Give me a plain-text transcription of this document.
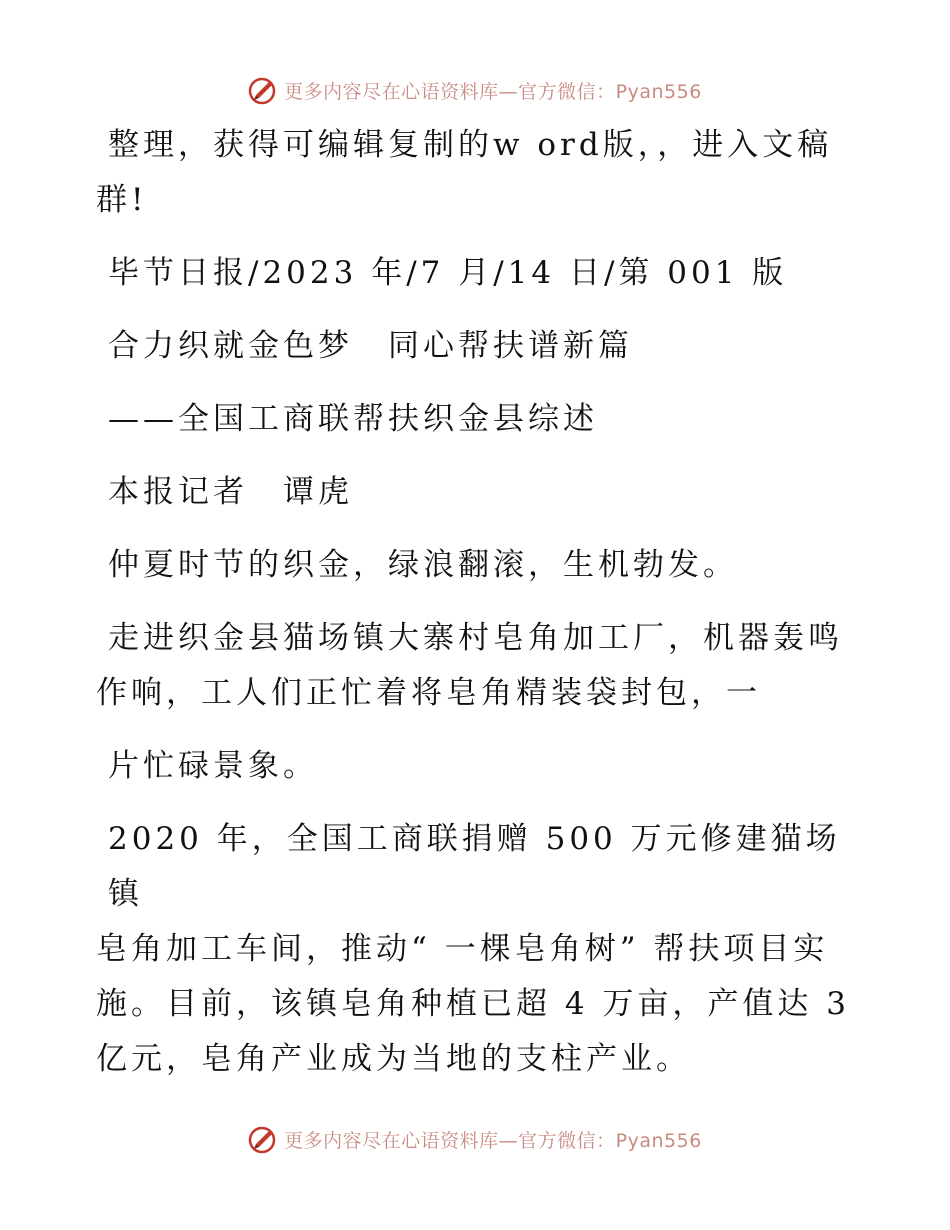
更多内容尽在心语资料库—官方微信：Pyan556

整理，获得可编辑复制的w ord版，，进入文稿

群!

毕节日报/2023 年/7 月/14 日/第 001 版

合力织就金色梦　同心帮扶谱新篇

——全国工商联帮扶织金县综述

本报记者　谭虎

仲夏时节的织金，绿浪翻滚，生机勃发。

走进织金县猫场镇大寨村皂角加工厂，机器轰鸣

作响，工人们正忙着将皂角精装袋封包，一

片忙碌景象。

2020 年，全国工商联捐赠 500 万元修建猫场镇

皂角加工车间，推动“ 一棵皂角树” 帮扶项目实

施。目前，该镇皂角种植已超 4 万亩，产值达 3

亿元，皂角产业成为当地的支柱产业。

更多内容尽在心语资料库—官方微信：Pyan556
